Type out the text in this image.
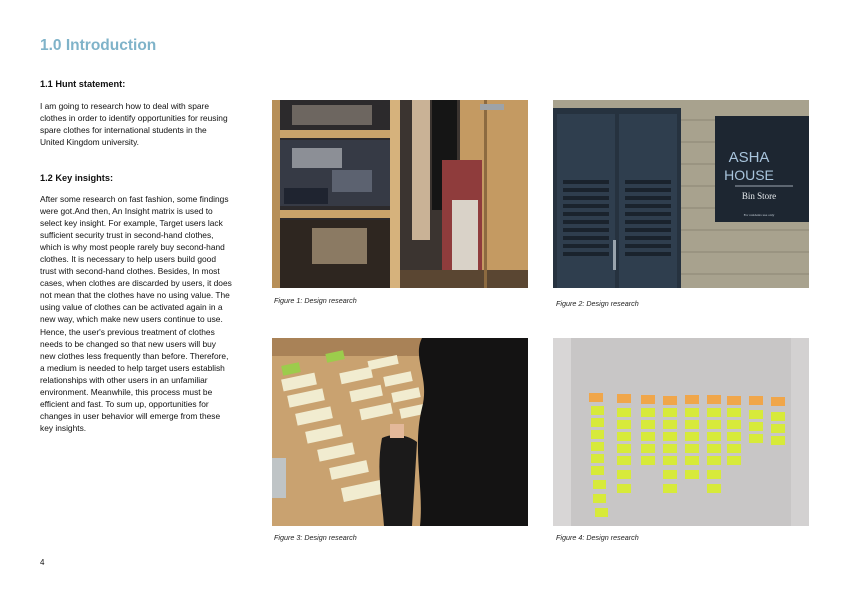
1.0 Introduction
1.1 Hunt statement:

I am going to research how to deal with spare clothes in order to identify opportunities for reusing spare clothes for international students in the United Kingdom university.

1.2 Key insights:

After some research on fast fashion, some findings were got.And then, An Insight matrix is used to select key insight. For example, Target users lack sufficient security trust in second-hand clothes, which is why most people rarely buy second-hand clothes. It is necessary to help users build good trust with second-hand clothes. Besides, In most cases, when clothes are discarded by users, it does not mean that the clothes have no using value. The using value of clothes can be activated again in a new way, which make new users continue to use. Hence, the user's previous treatment of clothes needs to be changed so that new users will buy new clothes less frequently than before. Therefore, a medium is needed to help target users establish relationships with other users in an unfamiliar environment. Meanwhile, this process must be efficient and fast. To sum up, opportunities for changes in user behavior will emerge from these key insights.

Figure 1: Design research

ASHA
HOUSE
Bin Store
For residents use only

Figure 2: Design research

Figure 3: Design research	Figure 4: Design research

4
